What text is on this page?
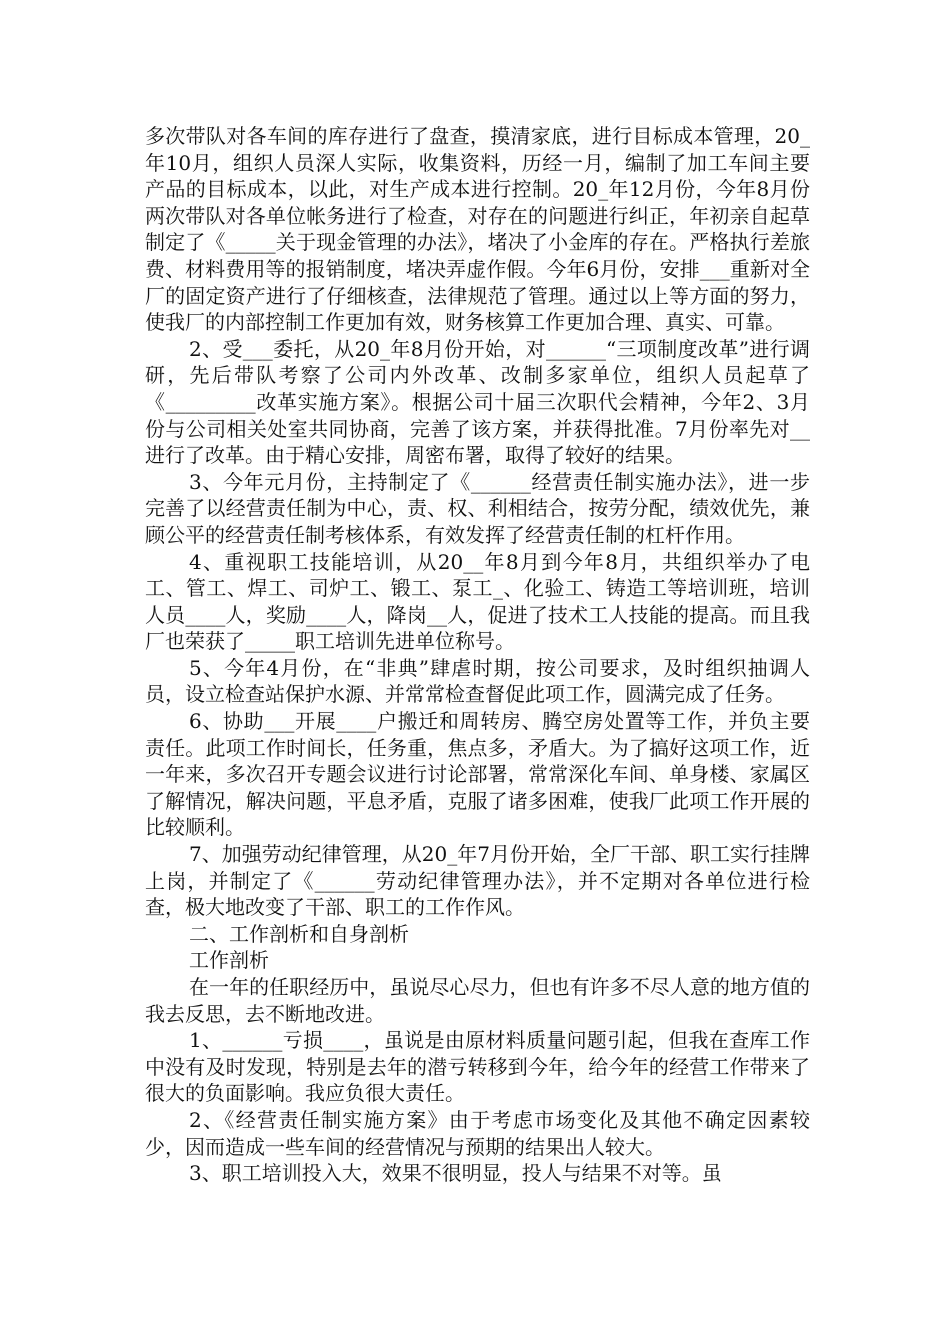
多次带队对各车间的库存进行了盘查，摸清家底，进行目标成本管理，20_年10月，组织人员深人实际，收集资料，历经一月，编制了加工车间主要产品的目标成本，以此，对生产成本进行控制。20_年12月份，今年8月份两次带队对各单位帐务进行了检查，对存在的问题进行纠正，年初亲自起草制定了《_____关于现金管理的办法》，堵决了小金库的存在。严格执行差旅费、材料费用等的报销制度，堵决弄虚作假。今年6月份，安排___重新对全厂的固定资产进行了仔细核查，法律规范了管理。通过以上等方面的努力，使我厂的内部控制工作更加有效，财务核算工作更加合理、真实、可靠。

2、受___委托，从20_年8月份开始，对______“三项制度改革”进行调研，先后带队考察了公司内外改革、改制多家单位，组织人员起草了《_________改革实施方案》。根据公司十届三次职代会精神，今年2、3月份与公司相关处室共同协商，完善了该方案，并获得批准。7月份率先对__进行了改革。由于精心安排，周密布署，取得了较好的结果。

3、今年元月份，主持制定了《______经营责任制实施办法》，进一步完善了以经营责任制为中心，责、权、利相结合，按劳分配，绩效优先，兼顾公平的经营责任制考核体系，有效发挥了经营责任制的杠杆作用。

4、重视职工技能培训，从20__年8月到今年8月，共组织举办了电工、管工、焊工、司炉工、锻工、泵工_、化验工、铸造工等培训班，培训人员____人，奖励____人，降岗__人，促进了技术工人技能的提高。而且我厂也荣获了_____职工培训先进单位称号。

5、今年4月份，在“非典”肆虐时期，按公司要求，及时组织抽调人员，设立检查站保护水源、并常常检查督促此项工作，圆满完成了任务。

6、协助___开展____户搬迁和周转房、腾空房处置等工作，并负主要责任。此项工作时间长，任务重，焦点多，矛盾大。为了搞好这项工作，近一年来，多次召开专题会议进行讨论部署，常常深化车间、单身楼、家属区了解情况，解决问题，平息矛盾，克服了诸多困难，使我厂此项工作开展的比较顺利。

7、加强劳动纪律管理，从20_年7月份开始，全厂干部、职工实行挂牌上岗，并制定了《______劳动纪律管理办法》，并不定期对各单位进行检查，极大地改变了干部、职工的工作作风。

二、工作剖析和自身剖析

工作剖析

在一年的任职经历中，虽说尽心尽力，但也有许多不尽人意的地方值的我去反思，去不断地改进。

1、______亏损____，虽说是由原材料质量问题引起，但我在查库工作中没有及时发现，特别是去年的潜亏转移到今年，给今年的经营工作带来了很大的负面影响。我应负很大责任。

2、《经营责任制实施方案》由于考虑市场变化及其他不确定因素较少，因而造成一些车间的经营情况与预期的结果出人较大。

3、职工培训投入大，效果不很明显，投人与结果不对等。虽
